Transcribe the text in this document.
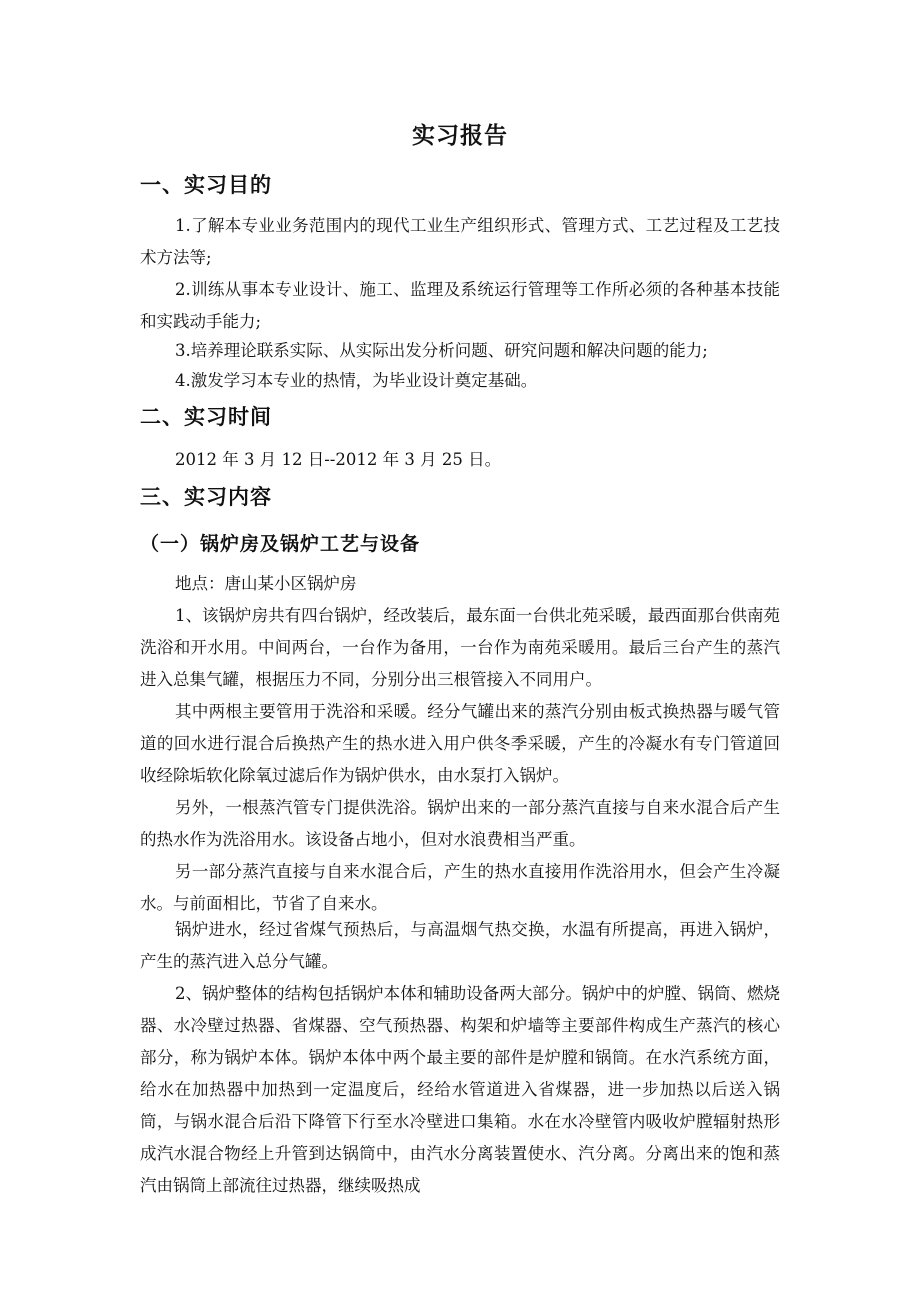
实习报告
一、实习目的

1.了解本专业业务范围内的现代工业生产组织形式、管理方式、工艺过程及工艺技术方法等;

2.训练从事本专业设计、施工、监理及系统运行管理等工作所必须的各种基本技能和实践动手能力;

3.培养理论联系实际、从实际出发分析问题、研究问题和解决问题的能力;

4.激发学习本专业的热情，为毕业设计奠定基础。

二、实习时间

2012 年 3 月 12 日--2012 年 3 月 25 日。

三、实习内容
（一）锅炉房及锅炉工艺与设备

地点：唐山某小区锅炉房

1、该锅炉房共有四台锅炉，经改装后，最东面一台供北苑采暖，最西面那台供南苑洗浴和开水用。中间两台，一台作为备用，一台作为南苑采暖用。最后三台产生的蒸汽进入总集气罐，根据压力不同，分别分出三根管接入不同用户。

其中两根主要管用于洗浴和采暖。经分气罐出来的蒸汽分别由板式换热器与暖气管道的回水进行混合后换热产生的热水进入用户供冬季采暖，产生的冷凝水有专门管道回收经除垢软化除氧过滤后作为锅炉供水，由水泵打入锅炉。

另外，一根蒸汽管专门提供洗浴。锅炉出来的一部分蒸汽直接与自来水混合后产生的热水作为洗浴用水。该设备占地小，但对水浪费相当严重。

另一部分蒸汽直接与自来水混合后，产生的热水直接用作洗浴用水，但会产生冷凝水。与前面相比，节省了自来水。

锅炉进水，经过省煤气预热后，与高温烟气热交换，水温有所提高，再进入锅炉，产生的蒸汽进入总分气罐。

2、锅炉整体的结构包括锅炉本体和辅助设备两大部分。锅炉中的炉膛、锅筒、燃烧器、水冷壁过热器、省煤器、空气预热器、构架和炉墙等主要部件构成生产蒸汽的核心部分，称为锅炉本体。锅炉本体中两个最主要的部件是炉膛和锅筒。在水汽系统方面，给水在加热器中加热到一定温度后，经给水管道进入省煤器，进一步加热以后送入锅筒，与锅水混合后沿下降管下行至水冷壁进口集箱。水在水冷壁管内吸收炉膛辐射热形成汽水混合物经上升管到达锅筒中，由汽水分离装置使水、汽分离。分离出来的饱和蒸汽由锅筒上部流往过热器，继续吸热成
